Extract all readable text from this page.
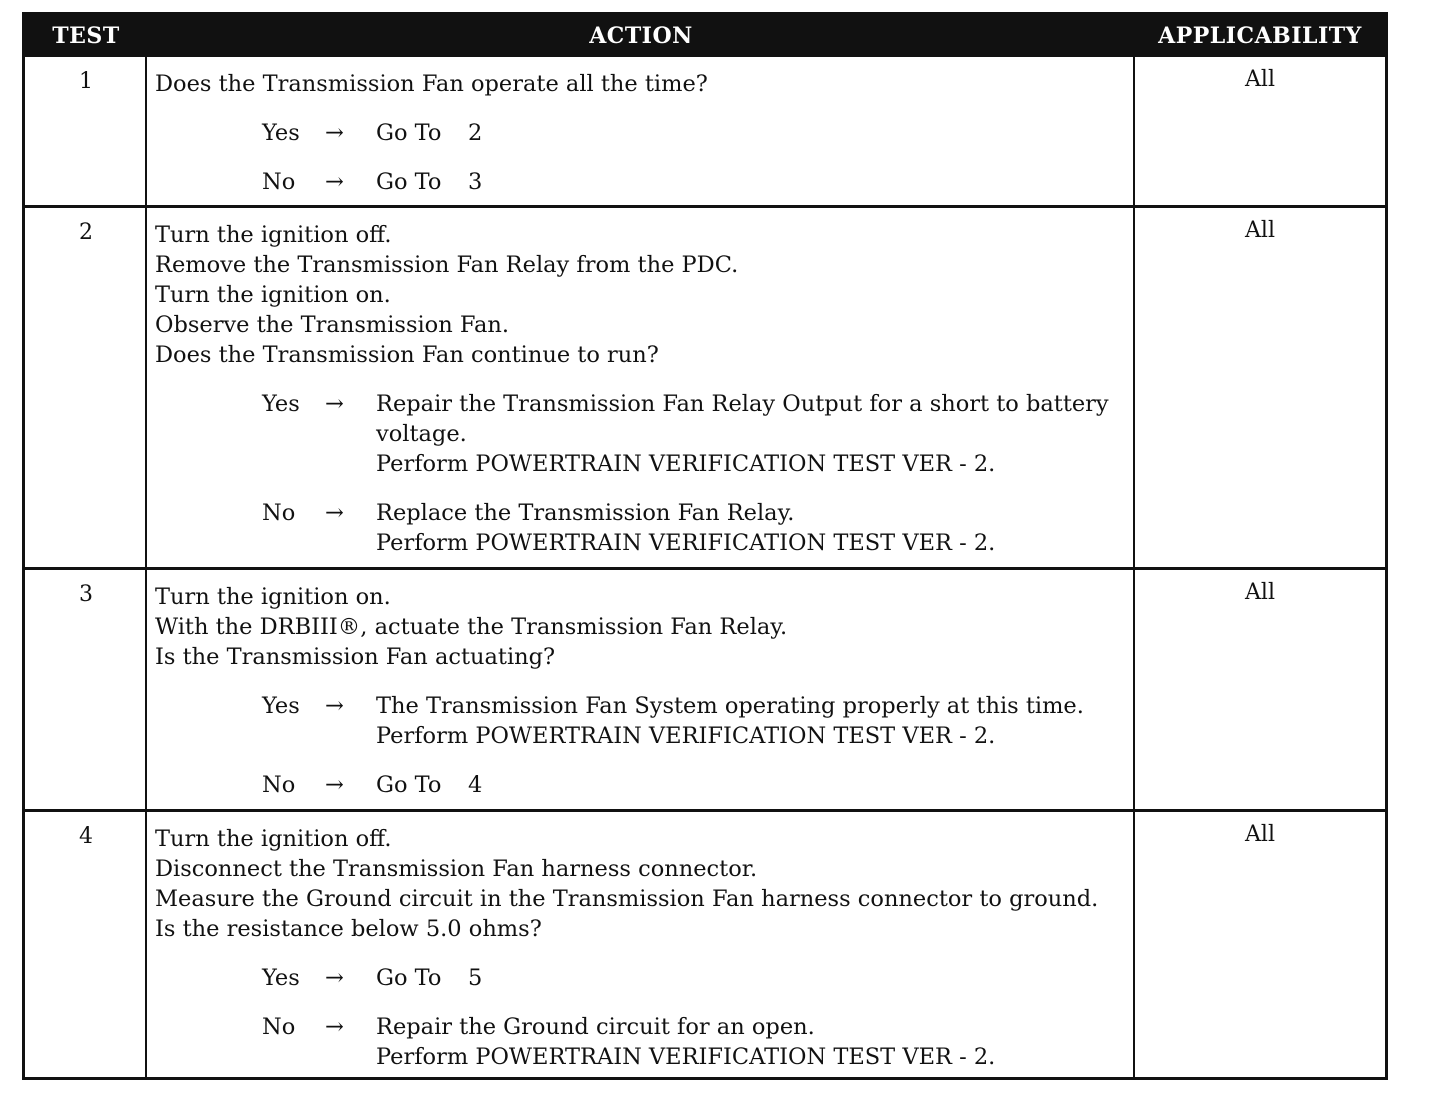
TEST	ACTION	APPLICABILITY
1	Does the Transmission Fan operate all the time?

Yes → Go To 2
No → Go To 3
All
2	Turn the ignition off.

Remove the Transmission Fan Relay from the PDC.

Turn the ignition on.

Observe the Transmission Fan.

Does the Transmission Fan continue to run?

Yes → Repair the Transmission Fan Relay Output for a short to battery
voltage.
Perform POWERTRAIN VERIFICATION TEST VER - 2.
No → Replace the Transmission Fan Relay.
Perform POWERTRAIN VERIFICATION TEST VER - 2.
All
3	Turn the ignition on.

With the DRBIII®, actuate the Transmission Fan Relay.

Is the Transmission Fan actuating?

Yes → The Transmission Fan System operating properly at this time.
Perform POWERTRAIN VERIFICATION TEST VER - 2.
No → Go To 4
All
4	Turn the ignition off.

Disconnect the Transmission Fan harness connector.

Measure the Ground circuit in the Transmission Fan harness connector to ground.

Is the resistance below 5.0 ohms?

Yes → Go To 5
No → Repair the Ground circuit for an open.
Perform POWERTRAIN VERIFICATION TEST VER - 2.
All
